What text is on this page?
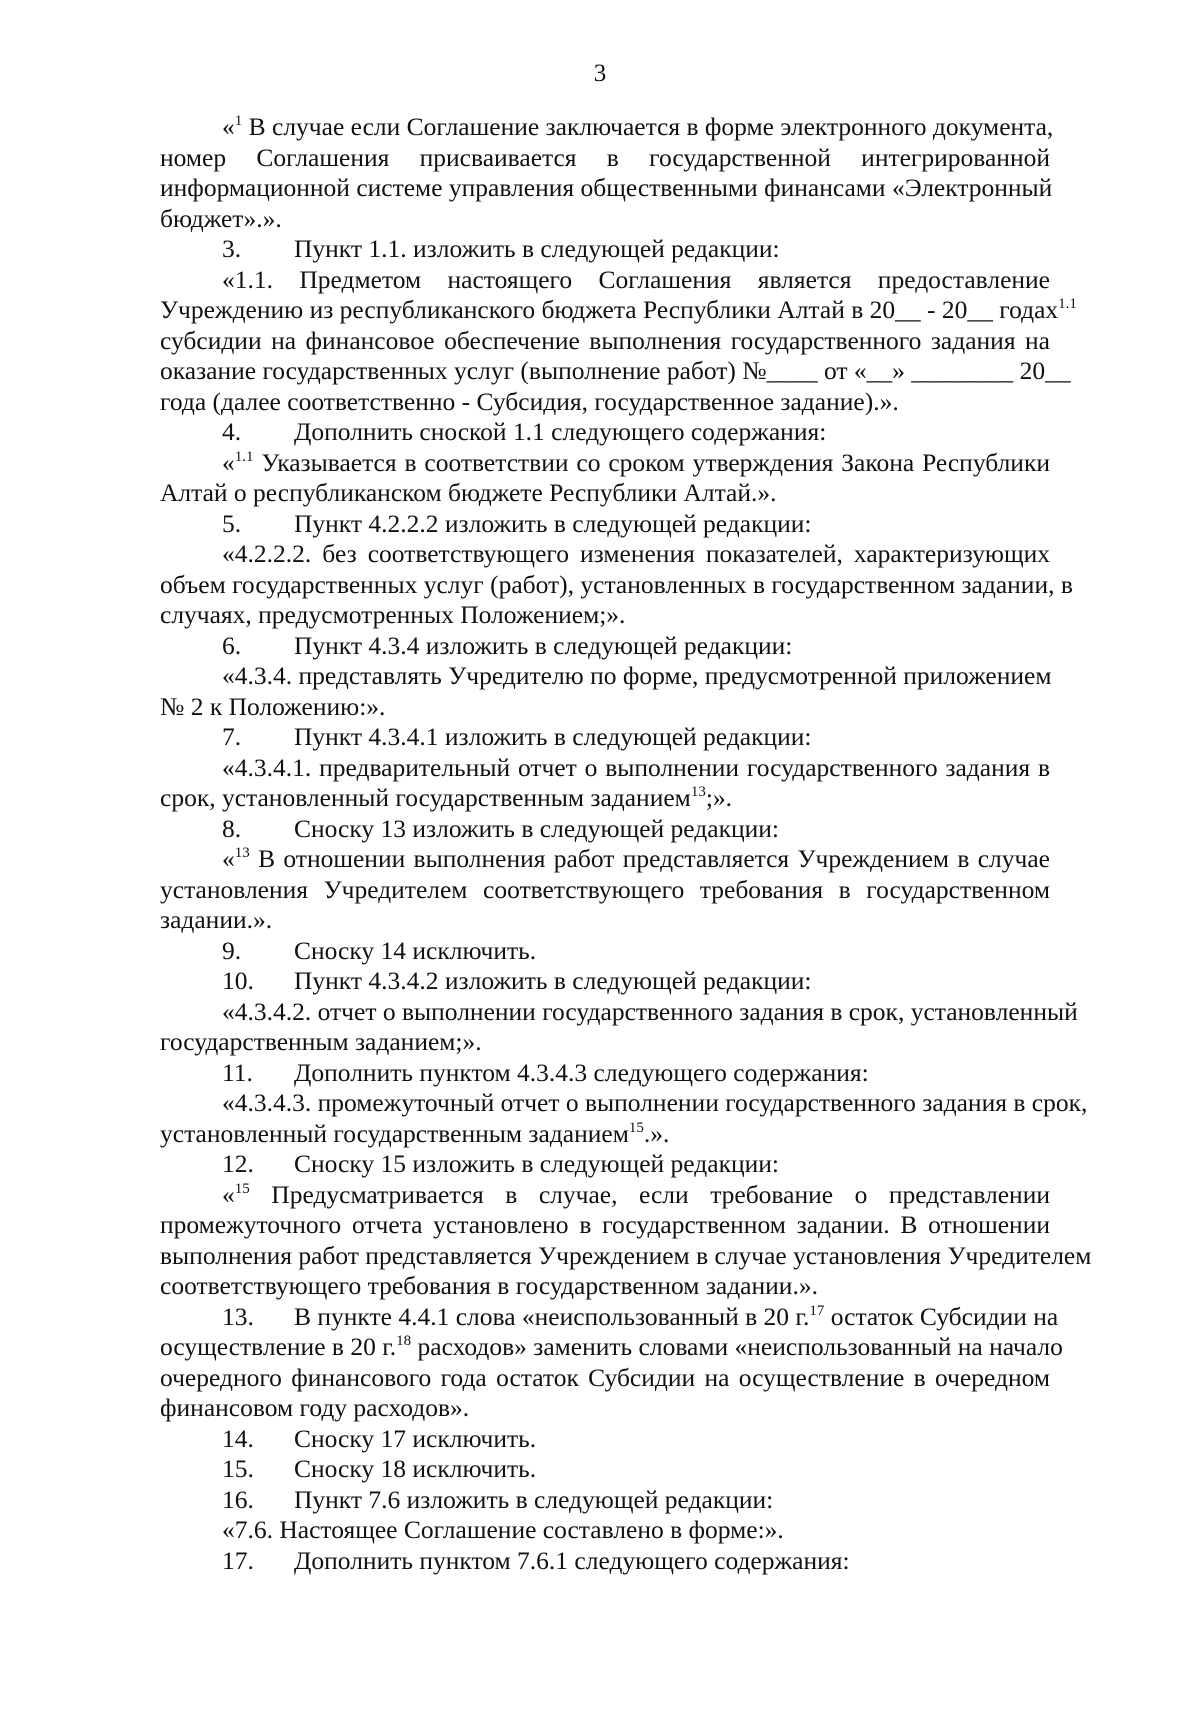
3
«$^1$ В случае если Соглашение заключается в форме электронного документа,
номер Соглашения присваивается в государственной интегрированной
информационной системе управления общественными финансами «Электронный
бюджет».».
3. Пункт 1.1. изложить в следующей редакции:
«1.1. Предметом настоящего Соглашения является предоставление
Учреждению из республиканского бюджета Республики Алтай в 20__ - 20__ годах$^{1.1}$
субсидии на финансовое обеспечение выполнения государственного задания на
оказание государственных услуг (выполнение работ) №____ от «__» ________ 20__
года (далее соответственно - Субсидия, государственное задание).».
4. Дополнить сноской 1.1 следующего содержания:
«$^{1.1}$ Указывается в соответствии со сроком утверждения Закона Республики
Алтай о республиканском бюджете Республики Алтай.».
5. Пункт 4.2.2.2 изложить в следующей редакции:
«4.2.2.2. без соответствующего изменения показателей, характеризующих
объем государственных услуг (работ), установленных в государственном задании, в
случаях, предусмотренных Положением;».
6. Пункт 4.3.4 изложить в следующей редакции:
«4.3.4. представлять Учредителю по форме, предусмотренной приложением
№ 2 к Положению:».
7. Пункт 4.3.4.1 изложить в следующей редакции:
«4.3.4.1. предварительный отчет о выполнении государственного задания в
срок, установленный государственным заданием$^{13}$;».
8. Сноску 13 изложить в следующей редакции:
«$^{13}$ В отношении выполнения работ представляется Учреждением в случае
установления Учредителем соответствующего требования в государственном
задании.».
9. Сноску 14 исключить.
10. Пункт 4.3.4.2 изложить в следующей редакции:
«4.3.4.2. отчет о выполнении государственного задания в срок, установленный
государственным заданием;».
11. Дополнить пунктом 4.3.4.3 следующего содержания:
«4.3.4.3. промежуточный отчет о выполнении государственного задания в срок,
установленный государственным заданием$^{15}$.».
12. Сноску 15 изложить в следующей редакции:
«$^{15}$ Предусматривается в случае, если требование о представлении
промежуточного отчета установлено в государственном задании. В отношении
выполнения работ представляется Учреждением в случае установления Учредителем
соответствующего требования в государственном задании.».
13. В пункте 4.4.1 слова «неиспользованный в 20 г.$^{17}$ остаток Субсидии на
осуществление в 20 г.$^{18}$ расходов» заменить словами «неиспользованный на начало
очередного финансового года остаток Субсидии на осуществление в очередном
финансовом году расходов».
14. Сноску 17 исключить.
15. Сноску 18 исключить.
16. Пункт 7.6 изложить в следующей редакции:
«7.6. Настоящее Соглашение составлено в форме:».
17. Дополнить пунктом 7.6.1 следующего содержания:
